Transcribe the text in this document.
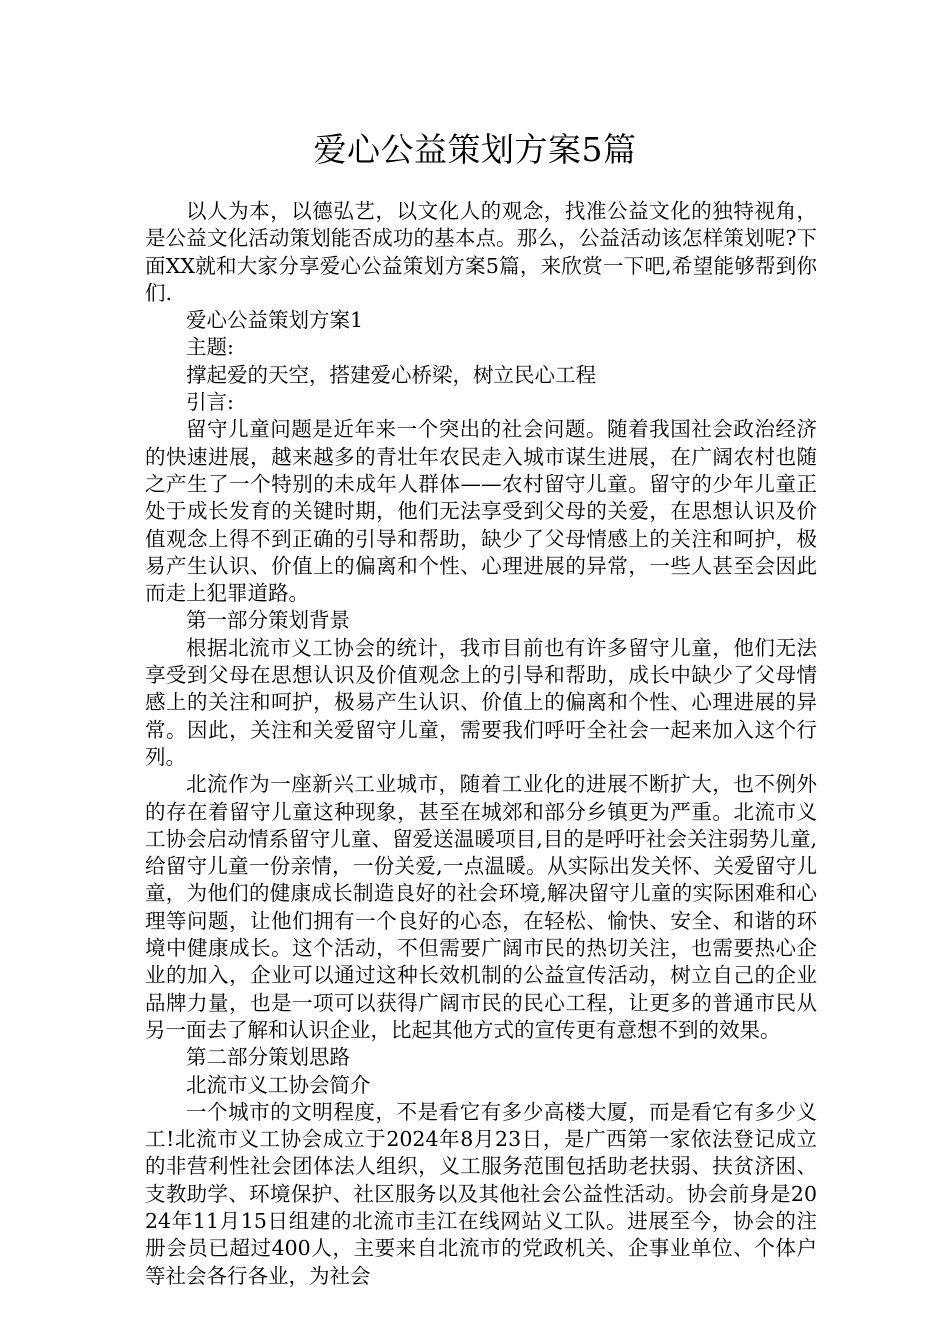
爱心公益策划方案5篇

以人为本，以德弘艺，以文化人的观念，找准公益文化的独特视角，是公益文化活动策划能否成功的基本点。那么，公益活动该怎样策划呢?下面XX就和大家分享爱心公益策划方案5篇，来欣赏一下吧,希望能够帮到你们.

爱心公益策划方案1

主题:

撑起爱的天空，搭建爱心桥梁，树立民心工程

引言:

留守儿童问题是近年来一个突出的社会问题。随着我国社会政治经济的快速进展，越来越多的青壮年农民走入城市谋生进展，在广阔农村也随之产生了一个特别的未成年人群体——农村留守儿童。留守的少年儿童正处于成长发育的关键时期，他们无法享受到父母的关爱，在思想认识及价值观念上得不到正确的引导和帮助，缺少了父母情感上的关注和呵护，极易产生认识、价值上的偏离和个性、心理进展的异常，一些人甚至会因此而走上犯罪道路。

第一部分策划背景

根据北流市义工协会的统计，我市目前也有许多留守儿童，他们无法享受到父母在思想认识及价值观念上的引导和帮助，成长中缺少了父母情感上的关注和呵护，极易产生认识、价值上的偏离和个性、心理进展的异常。因此，关注和关爱留守儿童，需要我们呼吁全社会一起来加入这个行列。

北流作为一座新兴工业城市，随着工业化的进展不断扩大，也不例外的存在着留守儿童这种现象，甚至在城郊和部分乡镇更为严重。北流市义工协会启动情系留守儿童、留爱送温暖项目,目的是呼吁社会关注弱势儿童,给留守儿童一份亲情，一份关爱,一点温暖。从实际出发关怀、关爱留守儿童，为他们的健康成长制造良好的社会环境,解决留守儿童的实际困难和心理等问题，让他们拥有一个良好的心态，在轻松、愉快、安全、和谐的环境中健康成长。这个活动，不但需要广阔市民的热切关注，也需要热心企业的加入，企业可以通过这种长效机制的公益宣传活动，树立自己的企业品牌力量，也是一项可以获得广阔市民的民心工程，让更多的普通市民从另一面去了解和认识企业，比起其他方式的宣传更有意想不到的效果。

第二部分策划思路

北流市义工协会简介

一个城市的文明程度，不是看它有多少高楼大厦，而是看它有多少义工!北流市义工协会成立于2024年8月23日，是广西第一家依法登记成立的非营利性社会团体法人组织，义工服务范围包括助老扶弱、扶贫济困、支教助学、环境保护、社区服务以及其他社会公益性活动。协会前身是2024年11月15日组建的北流市圭江在线网站义工队。进展至今，协会的注册会员已超过400人，主要来自北流市的党政机关、企事业单位、个体户等社会各行各业，为社会
